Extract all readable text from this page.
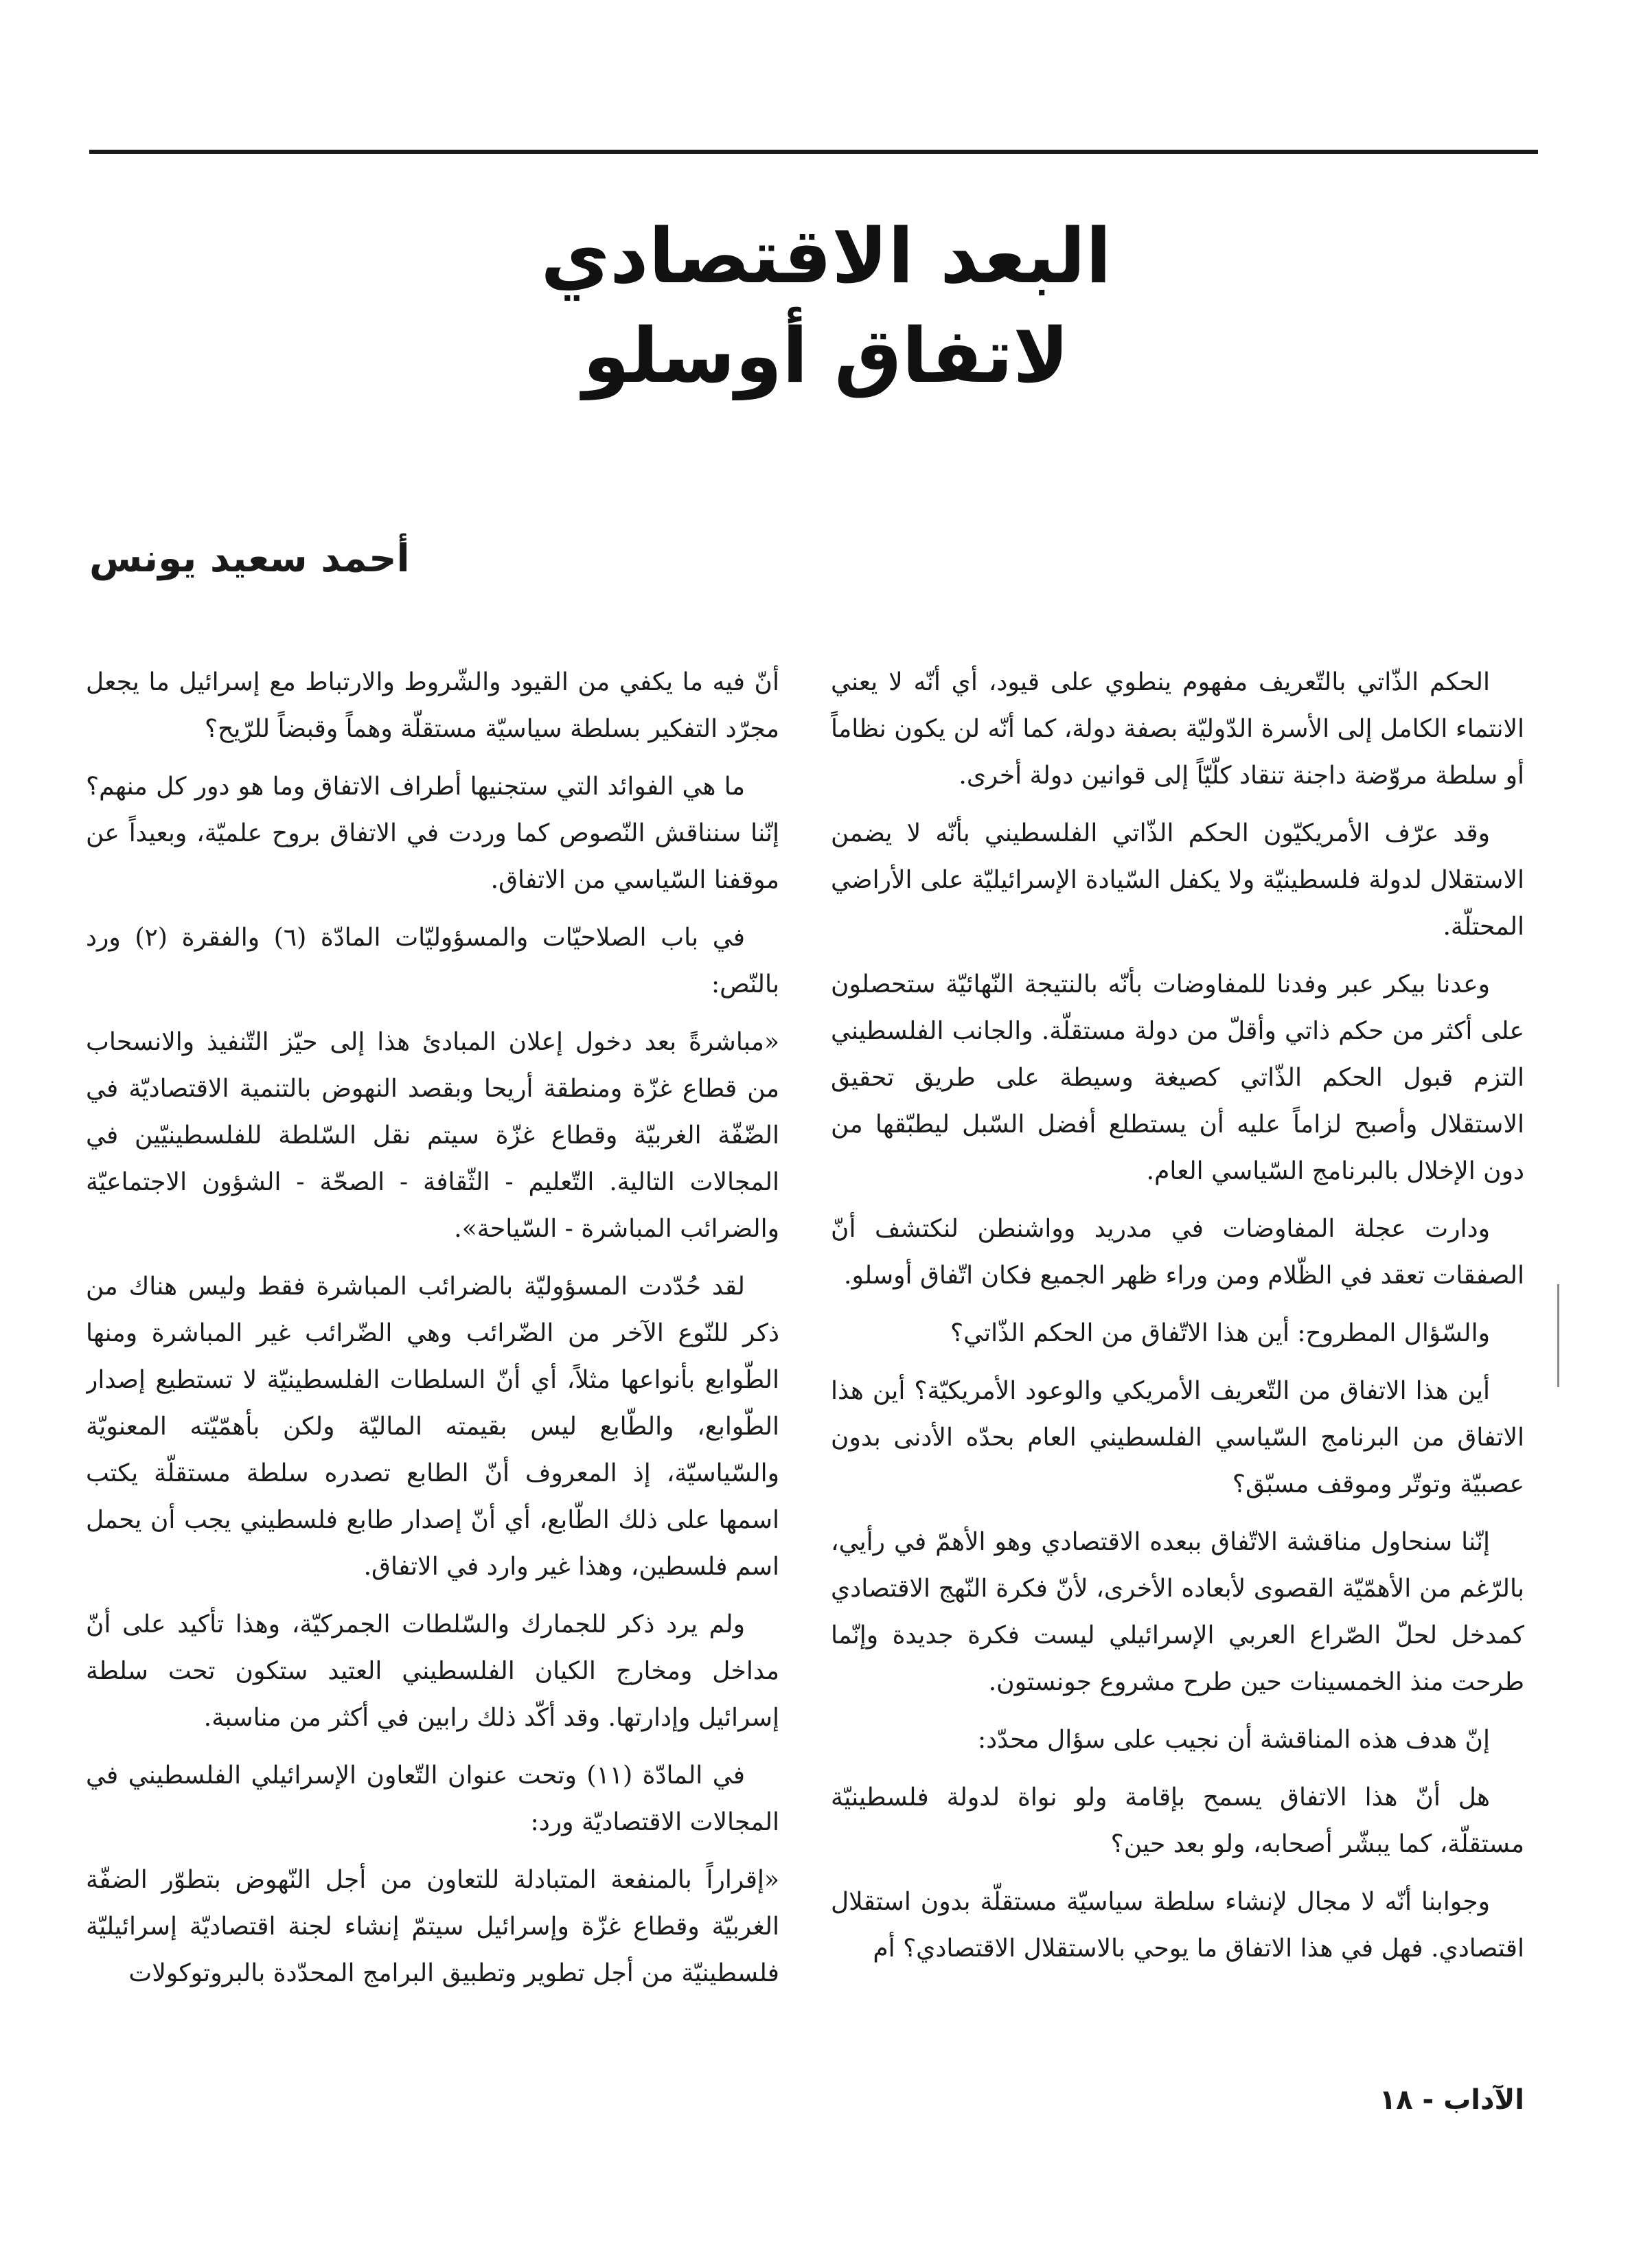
البعد الاقتصادي
لاتفاق أوسلو
أحمد سعيد يونس

الحكم الذّاتي بالتّعريف مفهوم ينطوي على قيود، أي أنّه لا يعني الانتماء الكامل إلى الأسرة الدّوليّة بصفة دولة، كما أنّه لن يكون نظاماً أو سلطة مروّضة داجنة تنقاد كلّيّاً إلى قوانين دولة أخرى.

وقد عرّف الأمريكيّون الحكم الذّاتي الفلسطيني بأنّه لا يضمن الاستقلال لدولة فلسطينيّة ولا يكفل السّيادة الإسرائيليّة على الأراضي المحتلّة.

وعدنا بيكر عبر وفدنا للمفاوضات بأنّه بالنتيجة النّهائيّة ستحصلون على أكثر من حكم ذاتي وأقلّ من دولة مستقلّة. والجانب الفلسطيني التزم قبول الحكم الذّاتي كصيغة وسيطة على طريق تحقيق الاستقلال وأصبح لزاماً عليه أن يستطلع أفضل السّبل ليطبّقها من دون الإخلال بالبرنامج السّياسي العام.

ودارت عجلة المفاوضات في مدريد وواشنطن لنكتشف أنّ الصفقات تعقد في الظّلام ومن وراء ظهر الجميع فكان اتّفاق أوسلو.

والسّؤال المطروح: أين هذا الاتّفاق من الحكم الذّاتي؟

أين هذا الاتفاق من التّعريف الأمريكي والوعود الأمريكيّة؟ أين هذا الاتفاق من البرنامج السّياسي الفلسطيني العام بحدّه الأدنى بدون عصبيّة وتوتّر وموقف مسبّق؟

إنّنا سنحاول مناقشة الاتّفاق ببعده الاقتصادي وهو الأهمّ في رأيي، بالرّغم من الأهمّيّة القصوى لأبعاده الأخرى، لأنّ فكرة النّهج الاقتصادي كمدخل لحلّ الصّراع العربي الإسرائيلي ليست فكرة جديدة وإنّما طرحت منذ الخمسينات حين طرح مشروع جونستون.

إنّ هدف هذه المناقشة أن نجيب على سؤال محدّد:

هل أنّ هذا الاتفاق يسمح بإقامة ولو نواة لدولة فلسطينيّة مستقلّة، كما يبشّر أصحابه، ولو بعد حين؟

وجوابنا أنّه لا مجال لإنشاء سلطة سياسيّة مستقلّة بدون استقلال اقتصادي. فهل في هذا الاتفاق ما يوحي بالاستقلال الاقتصادي؟ أم

أنّ فيه ما يكفي من القيود والشّروط والارتباط مع إسرائيل ما يجعل مجرّد التفكير بسلطة سياسيّة مستقلّة وهماً وقبضاً للرّيح؟

ما هي الفوائد التي ستجنيها أطراف الاتفاق وما هو دور كل منهم؟ إنّنا سنناقش النّصوص كما وردت في الاتفاق بروح علميّة، وبعيداً عن موقفنا السّياسي من الاتفاق.

في باب الصلاحيّات والمسؤوليّات المادّة (٦) والفقرة (٢) ورد بالنّص:

«مباشرةً بعد دخول إعلان المبادئ هذا إلى حيّز التّنفيذ والانسحاب من قطاع غزّة ومنطقة أريحا وبقصد النهوض بالتنمية الاقتصاديّة في الضّفّة الغربيّة وقطاع غزّة سيتم نقل السّلطة للفلسطينيّين في المجالات التالية. التّعليم - الثّقافة - الصحّة - الشؤون الاجتماعيّة والضرائب المباشرة - السّياحة».

لقد حُدّدت المسؤوليّة بالضرائب المباشرة فقط وليس هناك من ذكر للنّوع الآخر من الضّرائب وهي الضّرائب غير المباشرة ومنها الطّوابع بأنواعها مثلاً، أي أنّ السلطات الفلسطينيّة لا تستطيع إصدار الطّوابع، والطّابع ليس بقيمته الماليّة ولكن بأهمّيّته المعنويّة والسّياسيّة، إذ المعروف أنّ الطابع تصدره سلطة مستقلّة يكتب اسمها على ذلك الطّابع، أي أنّ إصدار طابع فلسطيني يجب أن يحمل اسم فلسطين، وهذا غير وارد في الاتفاق.

ولم يرد ذكر للجمارك والسّلطات الجمركيّة، وهذا تأكيد على أنّ مداخل ومخارج الكيان الفلسطيني العتيد ستكون تحت سلطة إسرائيل وإدارتها. وقد أكّد ذلك رابين في أكثر من مناسبة.

في المادّة (١١) وتحت عنوان التّعاون الإسرائيلي الفلسطيني في المجالات الاقتصاديّة ورد:

«إقراراً بالمنفعة المتبادلة للتعاون من أجل النّهوض بتطوّر الضفّة الغربيّة وقطاع غزّة وإسرائيل سيتمّ إنشاء لجنة اقتصاديّة إسرائيليّة فلسطينيّة من أجل تطوير وتطبيق البرامج المحدّدة بالبروتوكولات

الآداب - ١٨
